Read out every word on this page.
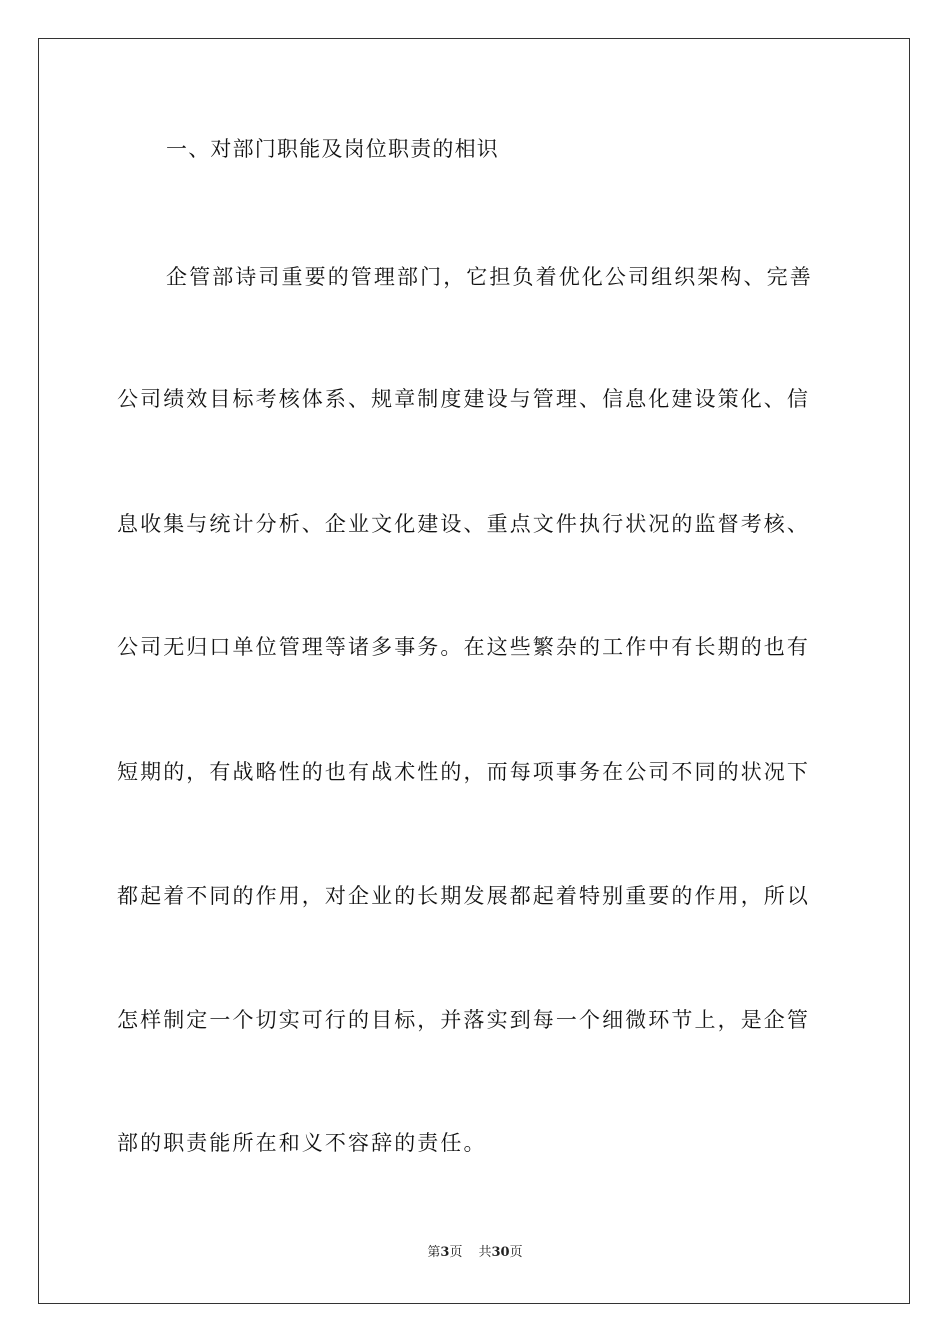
一、对部门职能及岗位职责的相识
企管部诗司重要的管理部门，它担负着优化公司组织架构、完善
公司绩效目标考核体系、规章制度建设与管理、信息化建设策化、信
息收集与统计分析、企业文化建设、重点文件执行状况的监督考核、
公司无归口单位管理等诸多事务。在这些繁杂的工作中有长期的也有
短期的，有战略性的也有战术性的，而每项事务在公司不同的状况下
都起着不同的作用，对企业的长期发展都起着特别重要的作用，所以
怎样制定一个切实可行的目标，并落实到每一个细微环节上，是企管
部的职责能所在和义不容辞的责任。
第3页 共30页
